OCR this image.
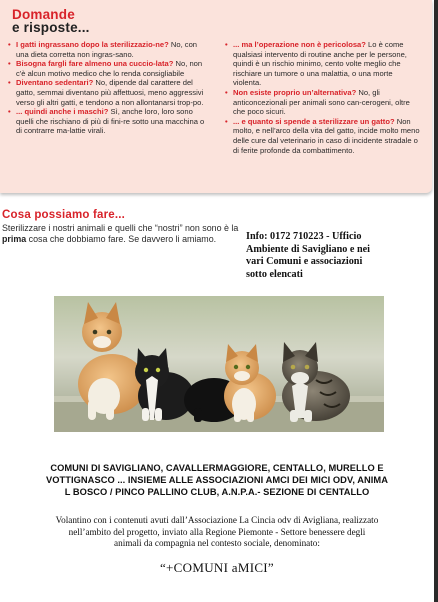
Domande
e risposte...

• I gatti ingrassano dopo la sterilizzazio-ne? No, con una dieta corretta non ingras-sano.

• Bisogna fargli fare almeno una cuccio-lata? No, non c'è alcun motivo medico che lo renda consigliabile

• Diventano sedentari? No, dipende dal carattere del gatto, semmai diventano più affettuosi, meno aggressivi verso gli altri gatti, e tendono a non allontanarsi trop-po.

• ... quindi anche i maschi? Sì, anche loro, loro sono quelli che rischiano di più di fini-re sotto una macchina o di contrarre ma-lattie virali.

• ... ma l’operazione non è pericolosa? Lo è come qualsiasi intervento di routine anche per le persone, quindi è un rischio minimo, cento volte meglio che rischiare un tumore o una malattia, o una morte violenta.

• Non esiste proprio un’alternativa? No, gli anticoncezionali per animali sono can-cerogeni, oltre che poco sicuri.

• ... e quanto si spende a sterilizzare un gatto? Non molto, e nell’arco della vita del gatto, incide molto meno delle cure dal veterinario in caso di incidente stradale o di ferite profonde da combattimento.

Cosa possiamo fare...
Sterilizzare i nostri animali e quelli che “nostri” non sono è la prima cosa che dobbiamo fare. Se davvero li amiamo.	Info: 0172 710223 - Ufficio
Ambiente di Savigliano e nei
vari Comuni e associazioni
sotto elencati
COMUNI DI SAVIGLIANO, CAVALLERMAGGIORE, CENTALLO, MURELLO E
VOTTIGNASCO ... INSIEME ALLE ASSOCIAZIONI AMCI DEI MICI ODV, ANIMA
L BOSCO / PINCO PALLINO CLUB, A.N.P.A.- SEZIONE DI CENTALLO
Volantino con i contenuti avuti dall’Associazione La Cincia odv di Avigliana, realizzato
nell’ambito del progetto, inviato alla Regione Piemonte - Settore benessere degli
animali da compagnia nel contesto sociale, denominato:
“+COMUNI aMICI”
